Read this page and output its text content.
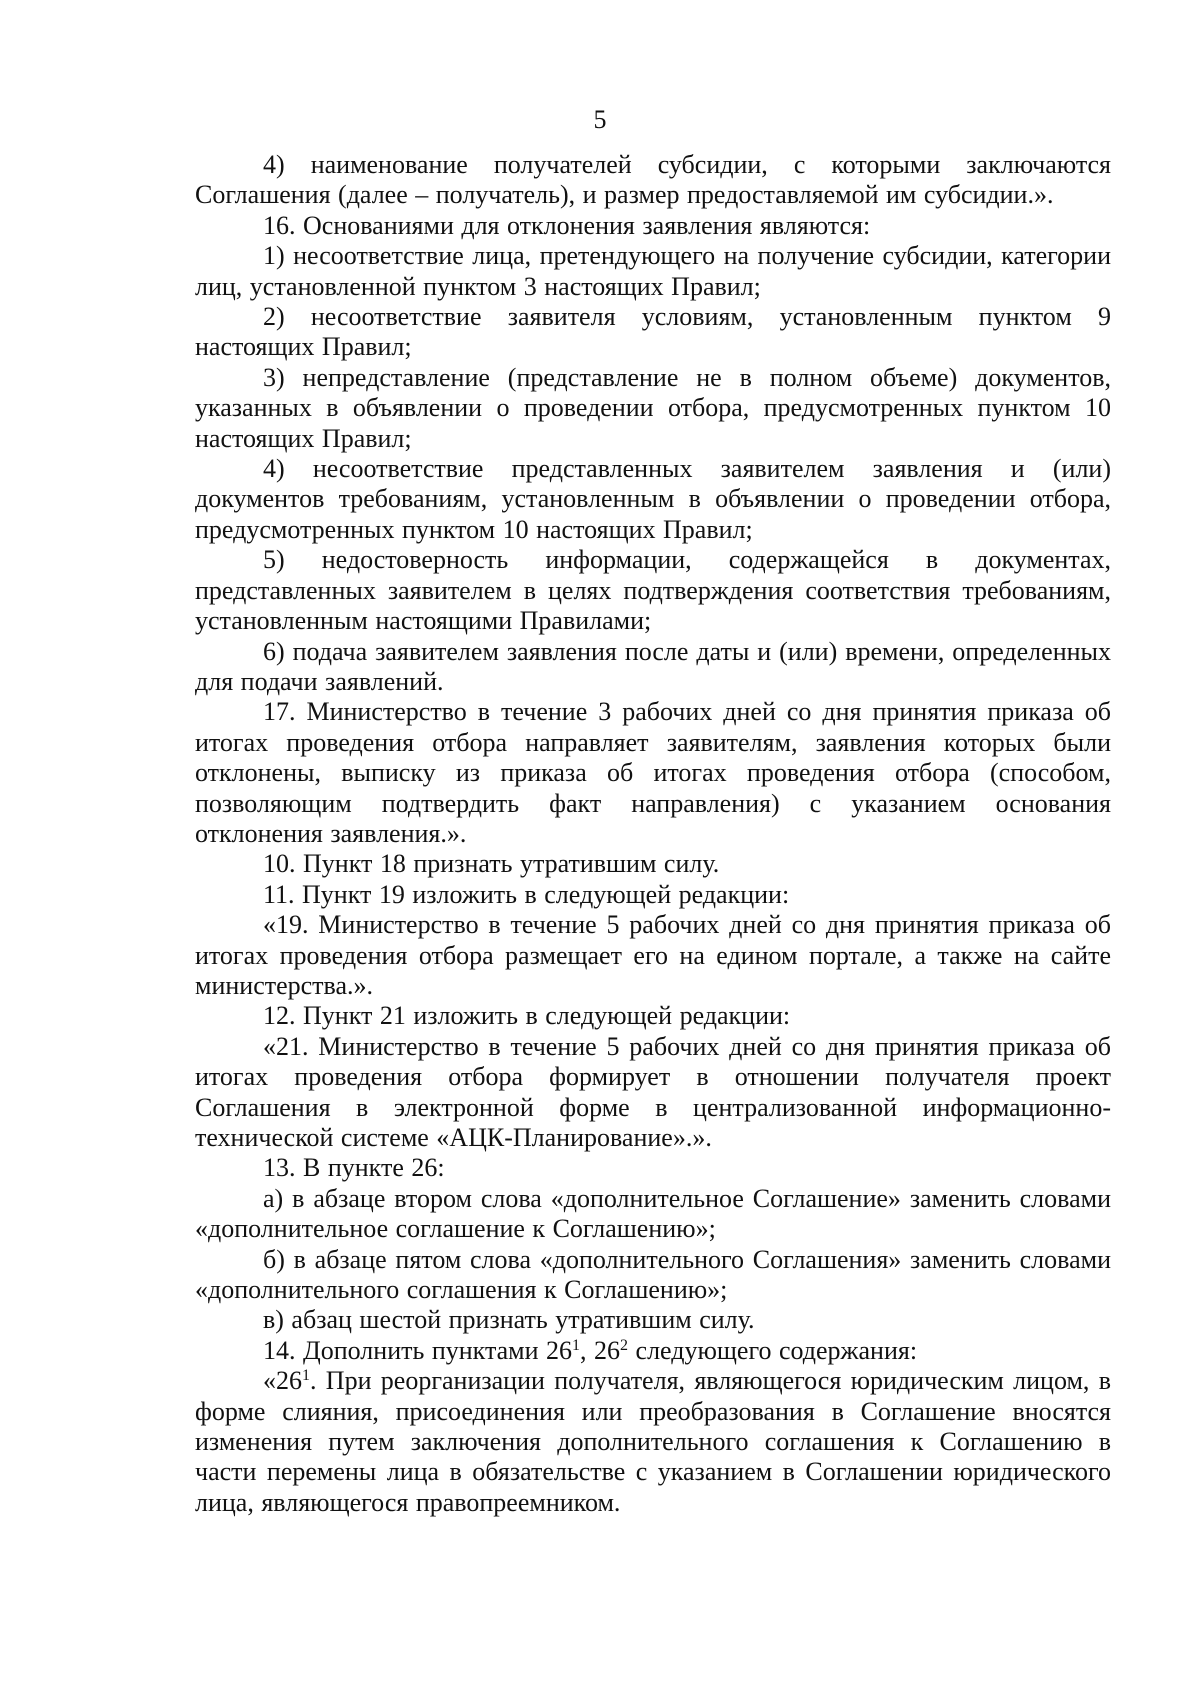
5

4) наименование получателей субсидии, с которыми заключаются Соглашения (далее – получатель), и размер предоставляемой им субсидии.».

16. Основаниями для отклонения заявления являются:

1) несоответствие лица, претендующего на получение субсидии, категории лиц, установленной пунктом 3 настоящих Правил;

2) несоответствие заявителя условиям, установленным пунктом 9 настоящих Правил;

3) непредставление (представление не в полном объеме) документов, указанных в объявлении о проведении отбора, предусмотренных пунктом 10 настоящих Правил;

4) несоответствие представленных заявителем заявления и (или) документов требованиям, установленным в объявлении о проведении отбора, предусмотренных пунктом 10 настоящих Правил;

5) недостоверность информации, содержащейся в документах, представленных заявителем в целях подтверждения соответствия требованиям, установленным настоящими Правилами;

6) подача заявителем заявления после даты и (или) времени, определенных для подачи заявлений.

17. Министерство в течение 3 рабочих дней со дня принятия приказа об итогах проведения отбора направляет заявителям, заявления которых были отклонены, выписку из приказа об итогах проведения отбора (способом, позволяющим подтвердить факт направления) с указанием основания отклонения заявления.».

10. Пункт 18 признать утратившим силу.

11. Пункт 19 изложить в следующей редакции:

«19. Министерство в течение 5 рабочих дней со дня принятия приказа об итогах проведения отбора размещает его на едином портале, а также на сайте министерства.».

12. Пункт 21 изложить в следующей редакции:

«21. Министерство в течение 5 рабочих дней со дня принятия приказа об итогах проведения отбора формирует в отношении получателя проект Соглашения в электронной форме в централизованной информационно-технической системе «АЦК-Планирование».».

13. В пункте 26:

а) в абзаце втором слова «дополнительное Соглашение» заменить словами «дополнительное соглашение к Соглашению»;

б) в абзаце пятом слова «дополнительного Соглашения» заменить словами «дополнительного соглашения к Соглашению»;

в) абзац шестой признать утратившим силу.

14. Дополнить пунктами $26^1$, $26^2$ следующего содержания:

«$26^1$. При реорганизации получателя, являющегося юридическим лицом, в форме слияния, присоединения или преобразования в Соглашение вносятся изменения путем заключения дополнительного соглашения к Соглашению в части перемены лица в обязательстве с указанием в Соглашении юридического лица, являющегося правопреемником.
